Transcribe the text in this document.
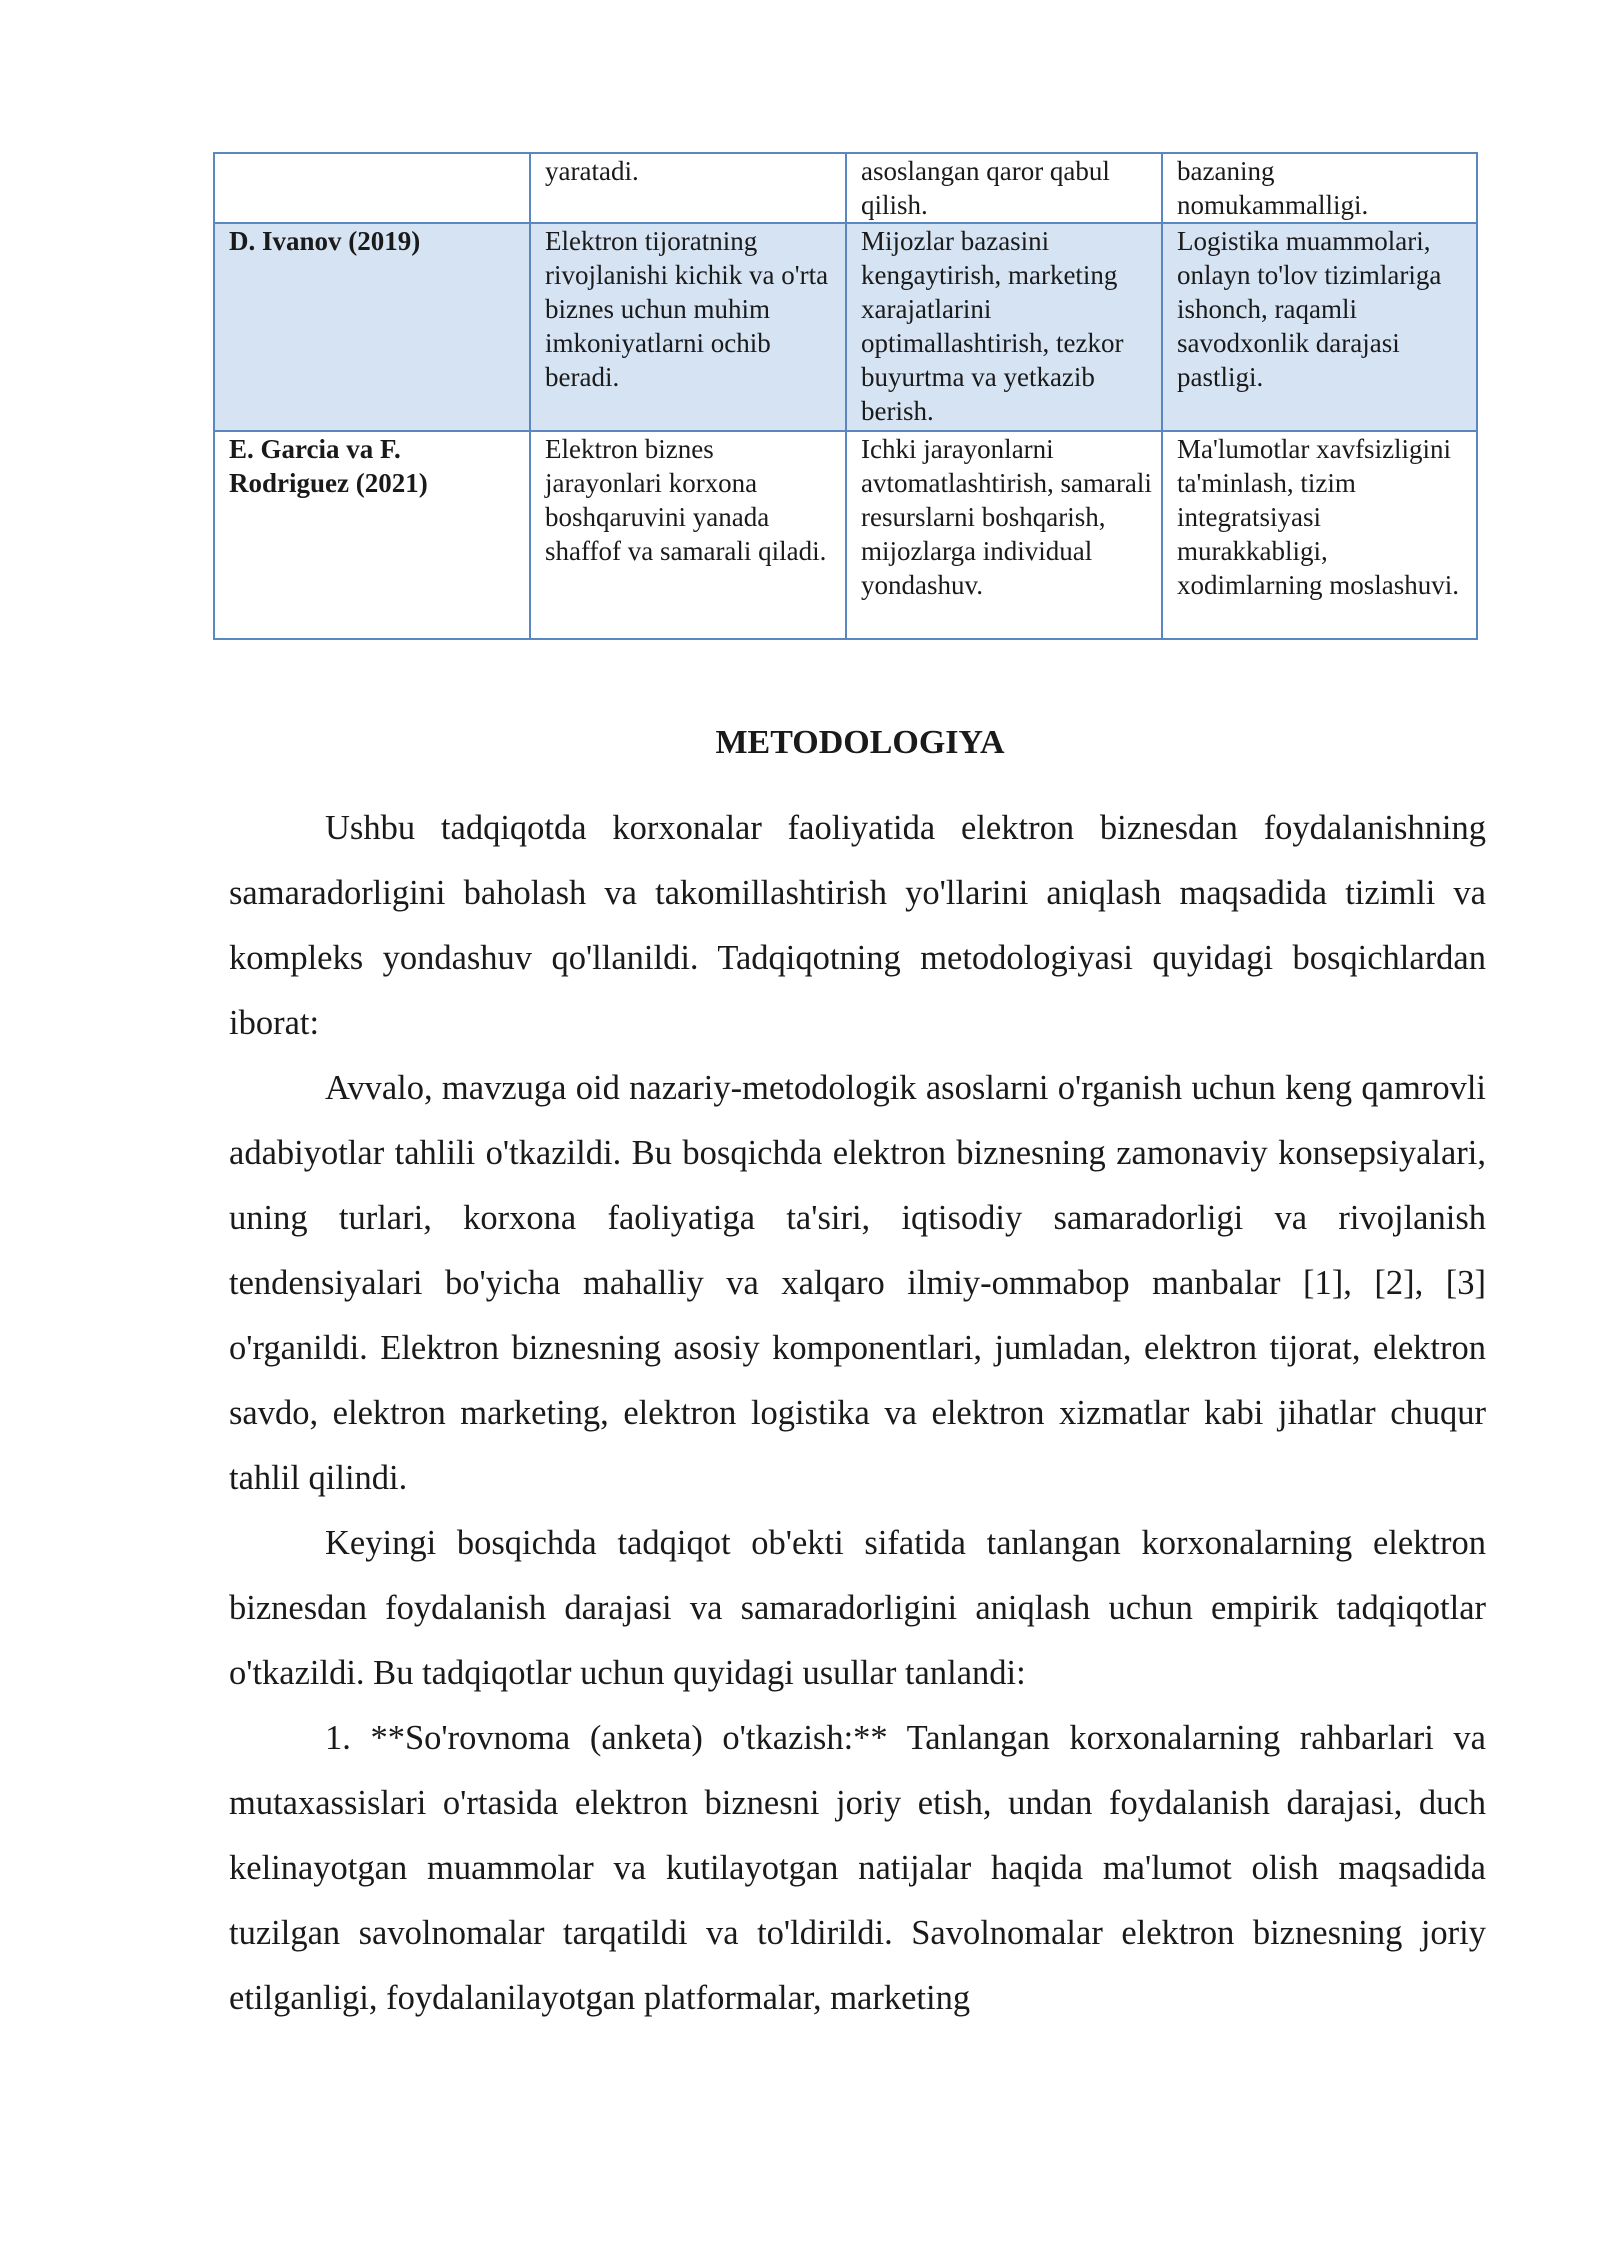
	yaratadi.	asoslangan qaror qabul qilish.	bazaning nomukammalligi.
D. Ivanov (2019)	Elektron tijoratning rivojlanishi kichik va o'rta biznes uchun muhim imkoniyatlarni ochib beradi.	Mijozlar bazasini kengaytirish, marketing xarajatlarini optimallashtirish, tezkor buyurtma va yetkazib berish.	Logistika muammolari, onlayn to'lov tizimlariga ishonch, raqamli savodxonlik darajasi pastligi.
E. Garcia va F. Rodriguez (2021)	Elektron biznes jarayonlari korxona boshqaruvini yanada shaffof va samarali qiladi.	Ichki jarayonlarni avtomatlashtirish, samarali resurslarni boshqarish, mijozlarga individual yondashuv.	Ma'lumotlar xavfsizligini ta'minlash, tizim integratsiyasi murakkabligi, xodimlarning moslashuvi.
METODOLOGIYA

Ushbu tadqiqotda korxonalar faoliyatida elektron biznesdan foydalanishning samaradorligini baholash va takomillashtirish yo'llarini aniqlash maqsadida tizimli va kompleks yondashuv qo'llanildi. Tadqiqotning metodologiyasi quyidagi bosqichlardan iborat:

Avvalo, mavzuga oid nazariy-metodologik asoslarni o'rganish uchun keng qamrovli adabiyotlar tahlili o'tkazildi. Bu bosqichda elektron biznesning zamonaviy konsepsiyalari, uning turlari, korxona faoliyatiga ta'siri, iqtisodiy samaradorligi va rivojlanish tendensiyalari bo'yicha mahalliy va xalqaro ilmiy-ommabop manbalar [1], [2], [3] o'rganildi. Elektron biznesning asosiy komponentlari, jumladan, elektron tijorat, elektron savdo, elektron marketing, elektron logistika va elektron xizmatlar kabi jihatlar chuqur tahlil qilindi.

Keyingi bosqichda tadqiqot ob'ekti sifatida tanlangan korxonalarning elektron biznesdan foydalanish darajasi va samaradorligini aniqlash uchun empirik tadqiqotlar o'tkazildi. Bu tadqiqotlar uchun quyidagi usullar tanlandi:

1. **So'rovnoma (anketa) o'tkazish:** Tanlangan korxonalarning rahbarlari va mutaxassislari o'rtasida elektron biznesni joriy etish, undan foydalanish darajasi, duch kelinayotgan muammolar va kutilayotgan natijalar haqida ma'lumot olish maqsadida tuzilgan savolnomalar tarqatildi va to'ldirildi. Savolnomalar elektron biznesning joriy etilganligi, foydalanilayotgan platformalar, marketing
